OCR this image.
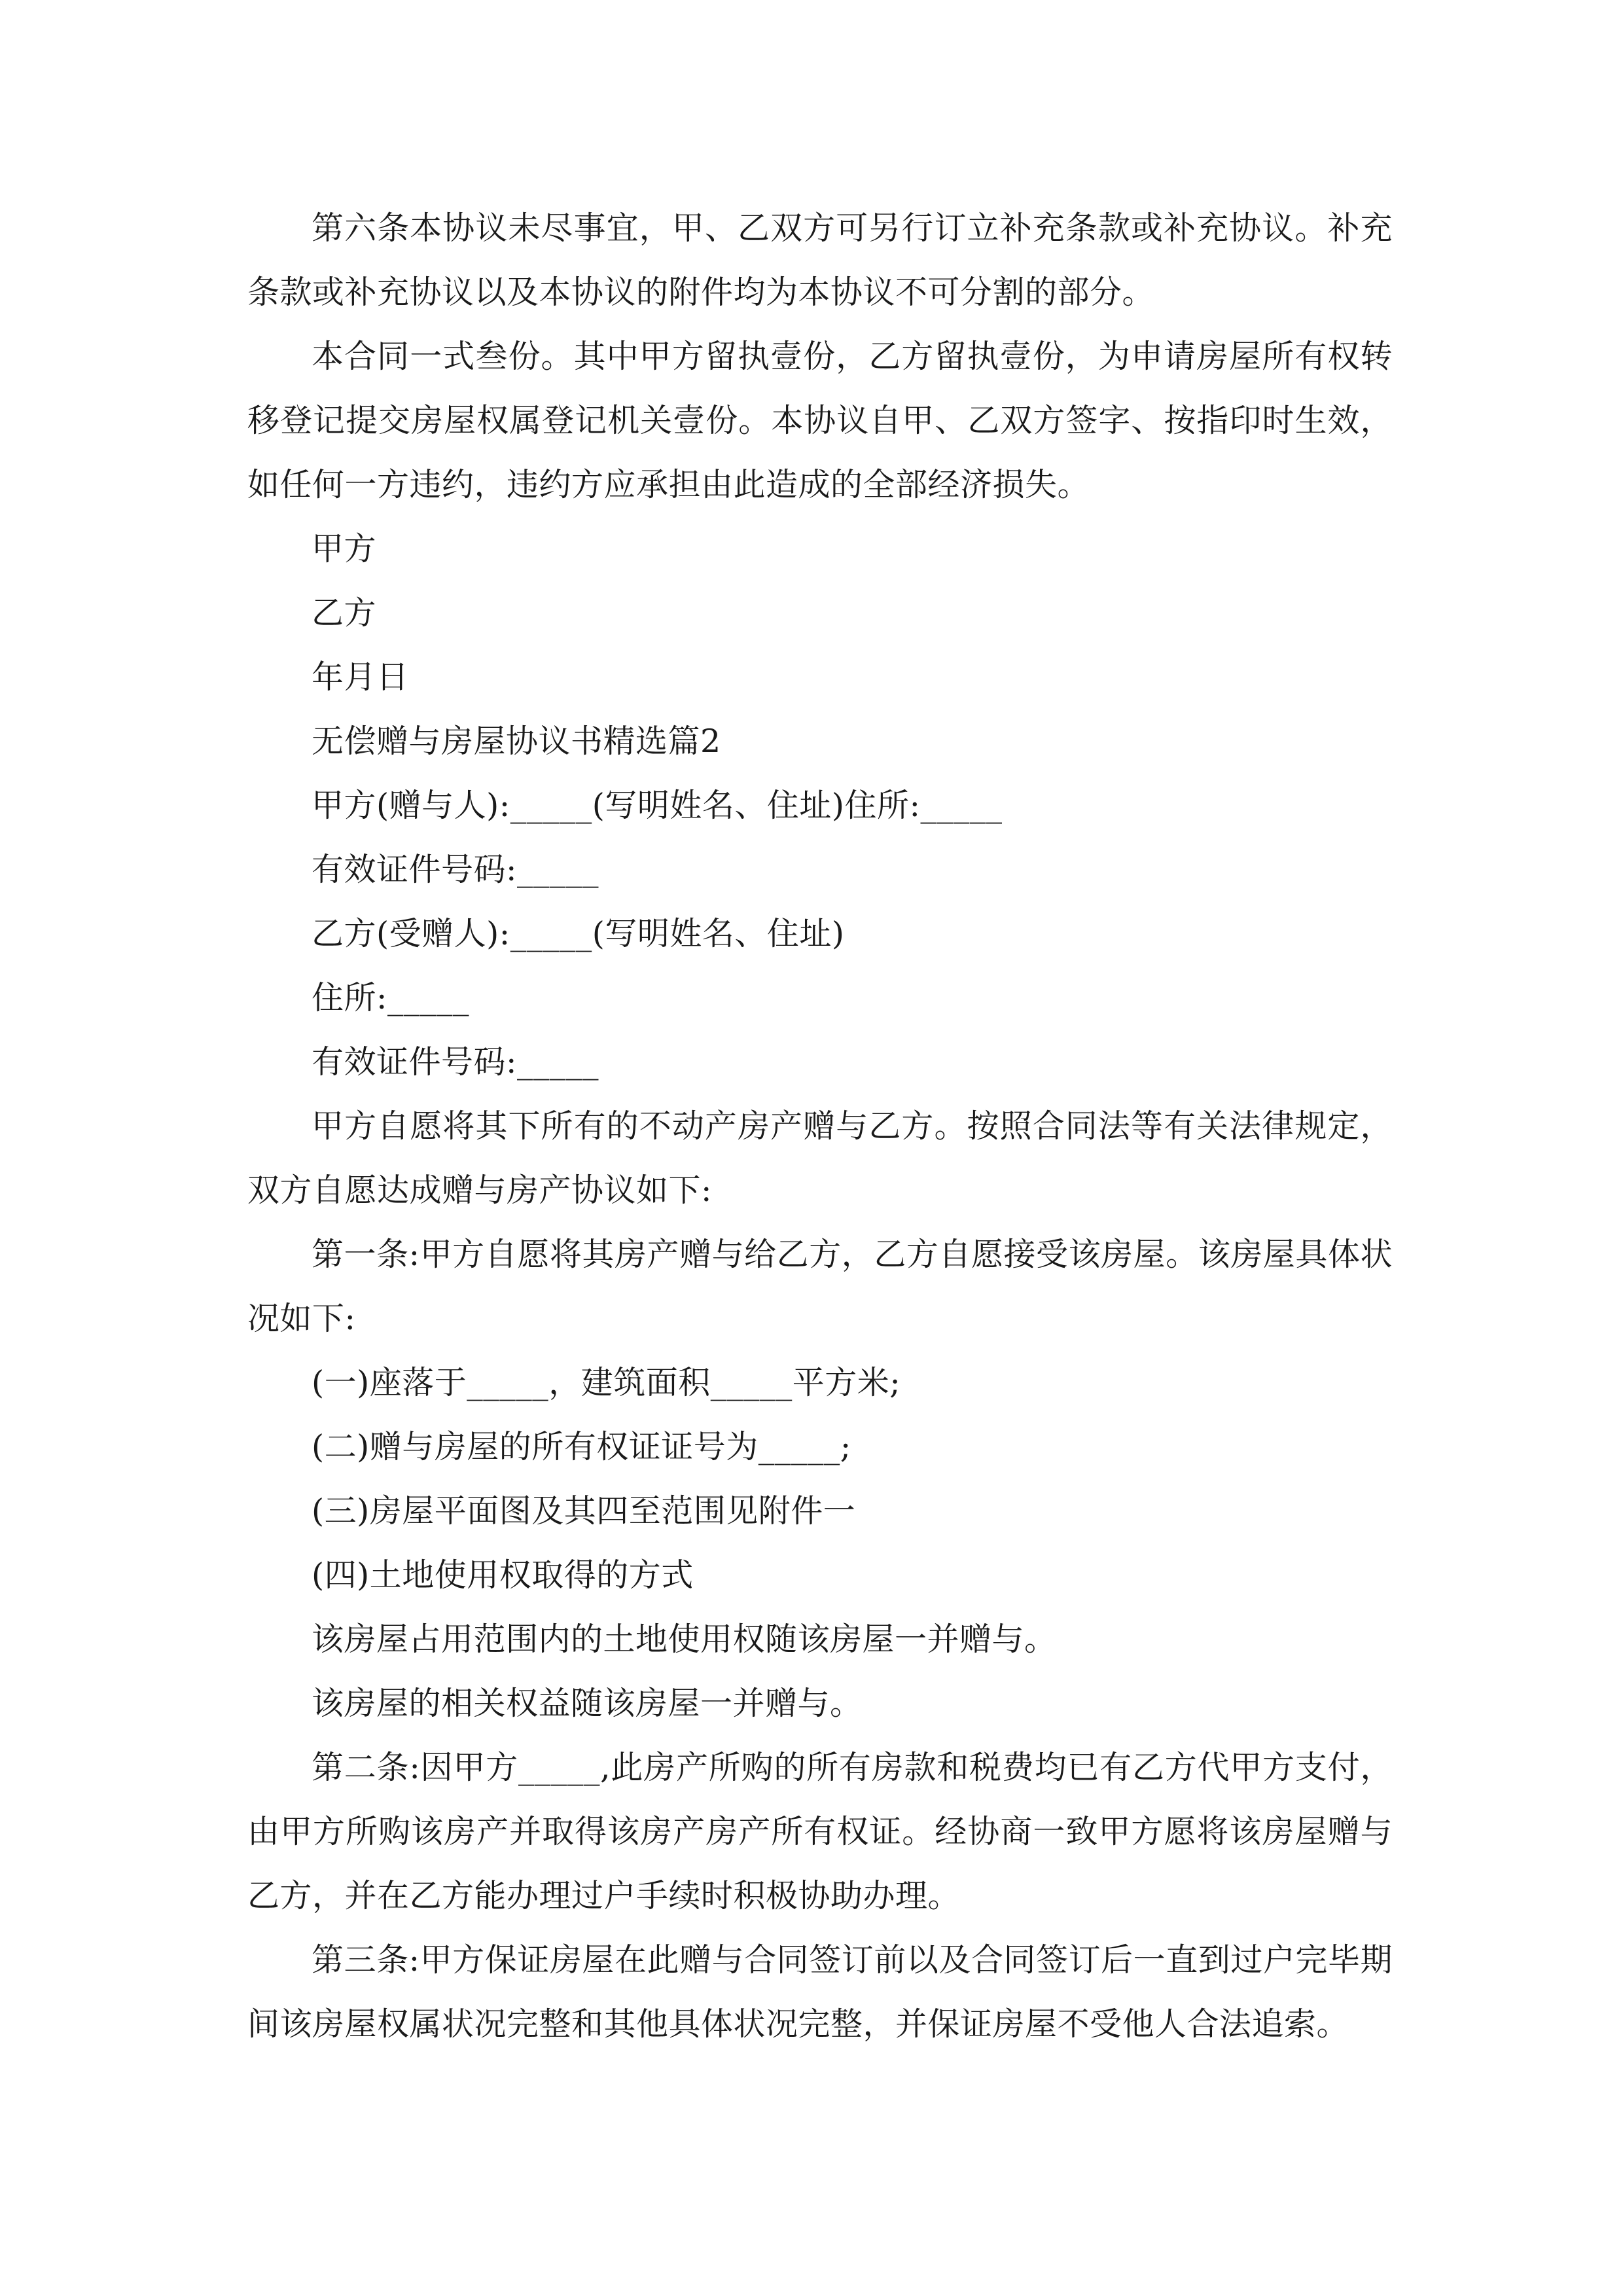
第六条本协议未尽事宜，甲、乙双方可另行订立补充条款或补充协议。补充条款或补充协议以及本协议的附件均为本协议不可分割的部分。

本合同一式叁份。其中甲方留执壹份，乙方留执壹份，为申请房屋所有权转移登记提交房屋权属登记机关壹份。本协议自甲、乙双方签字、按指印时生效，如任何一方违约，违约方应承担由此造成的全部经济损失。

甲方

乙方

年月日

无偿赠与房屋协议书精选篇2

甲方(赠与人):_____(写明姓名、住址)住所:_____

有效证件号码:_____

乙方(受赠人):_____(写明姓名、住址)

住所:_____

有效证件号码:_____

甲方自愿将其下所有的不动产房产赠与乙方。按照合同法等有关法律规定，双方自愿达成赠与房产协议如下:

第一条:甲方自愿将其房产赠与给乙方，乙方自愿接受该房屋。该房屋具体状况如下:

(一)座落于_____，建筑面积_____平方米;

(二)赠与房屋的所有权证证号为_____;

(三)房屋平面图及其四至范围见附件一

(四)土地使用权取得的方式

该房屋占用范围内的土地使用权随该房屋一并赠与。

该房屋的相关权益随该房屋一并赠与。

第二条:因甲方_____,此房产所购的所有房款和税费均已有乙方代甲方支付，由甲方所购该房产并取得该房产房产所有权证。经协商一致甲方愿将该房屋赠与乙方，并在乙方能办理过户手续时积极协助办理。

第三条:甲方保证房屋在此赠与合同签订前以及合同签订后一直到过户完毕期间该房屋权属状况完整和其他具体状况完整，并保证房屋不受他人合法追索。
